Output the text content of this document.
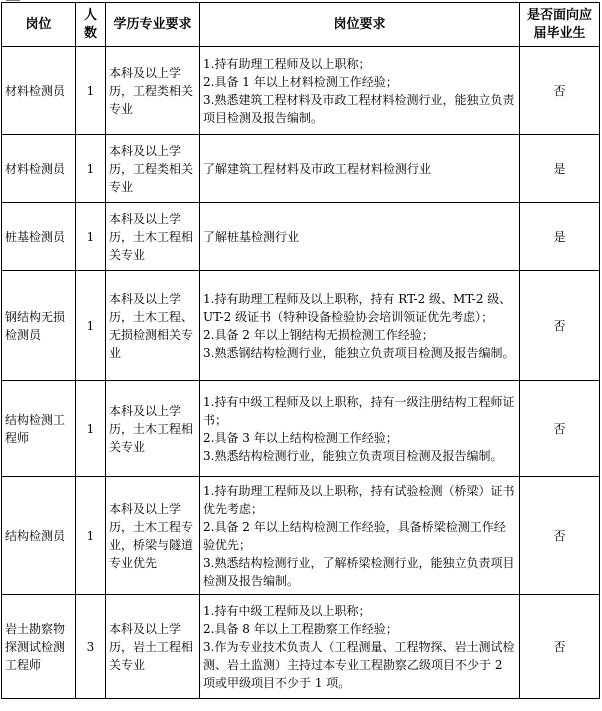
岗位	人数	学历专业要求	岗位要求	是否面向应届毕业生
材料检测员	1	本科及以上学历，工程类相关专业	1.持有助理工程师及以上职称；
2.具备 1 年以上材料检测工作经验；
3.熟悉建筑工程材料及市政工程材料检测行业，能独立负责项目检测及报告编制。	否
材料检测员	1	本科及以上学历，工程类相关专业	了解建筑工程材料及市政工程材料检测行业	是
桩基检测员	1	本科及以上学历，土木工程相关专业	了解桩基检测行业	是
钢结构无损检测员	1	本科及以上学历，土木工程、无损检测相关专业	1.持有助理工程师及以上职称，持有 RT-2 级、MT-2 级、UT-2 级证书（特种设备检验协会培训领证优先考虑）；
2.具备 2 年以上钢结构无损检测工作经验；
3.熟悉钢结构检测行业，能独立负责项目检测及报告编制。	否
结构检测工程师	1	本科及以上学历，土木工程相关专业	1.持有中级工程师及以上职称，持有一级注册结构工程师证书；
2.具备 3 年以上结构检测工作经验；
3.熟悉结构检测行业，能独立负责项目检测及报告编制。	否
结构检测员	1	本科及以上学历，土木工程专业，桥梁与隧道专业优先	1.持有助理工程师及以上职称，持有试验检测（桥梁）证书优先考虑；
2.具备 2 年以上结构检测工作经验，具备桥梁检测工作经验优先；
3.熟悉结构检测行业，了解桥梁检测行业，能独立负责项目检测及报告编制。	否
岩土勘察物探测试检测工程师	3	本科及以上学历，岩土工程相关专业	1.持有中级工程师及以上职称；
2.具备 8 年以上工程勘察工作经验；
3.作为专业技术负责人（工程测量、工程物探、岩土测试检测、岩土监测）主持过本专业工程勘察乙级项目不少于 2 项或甲级项目不少于 1 项。	否
